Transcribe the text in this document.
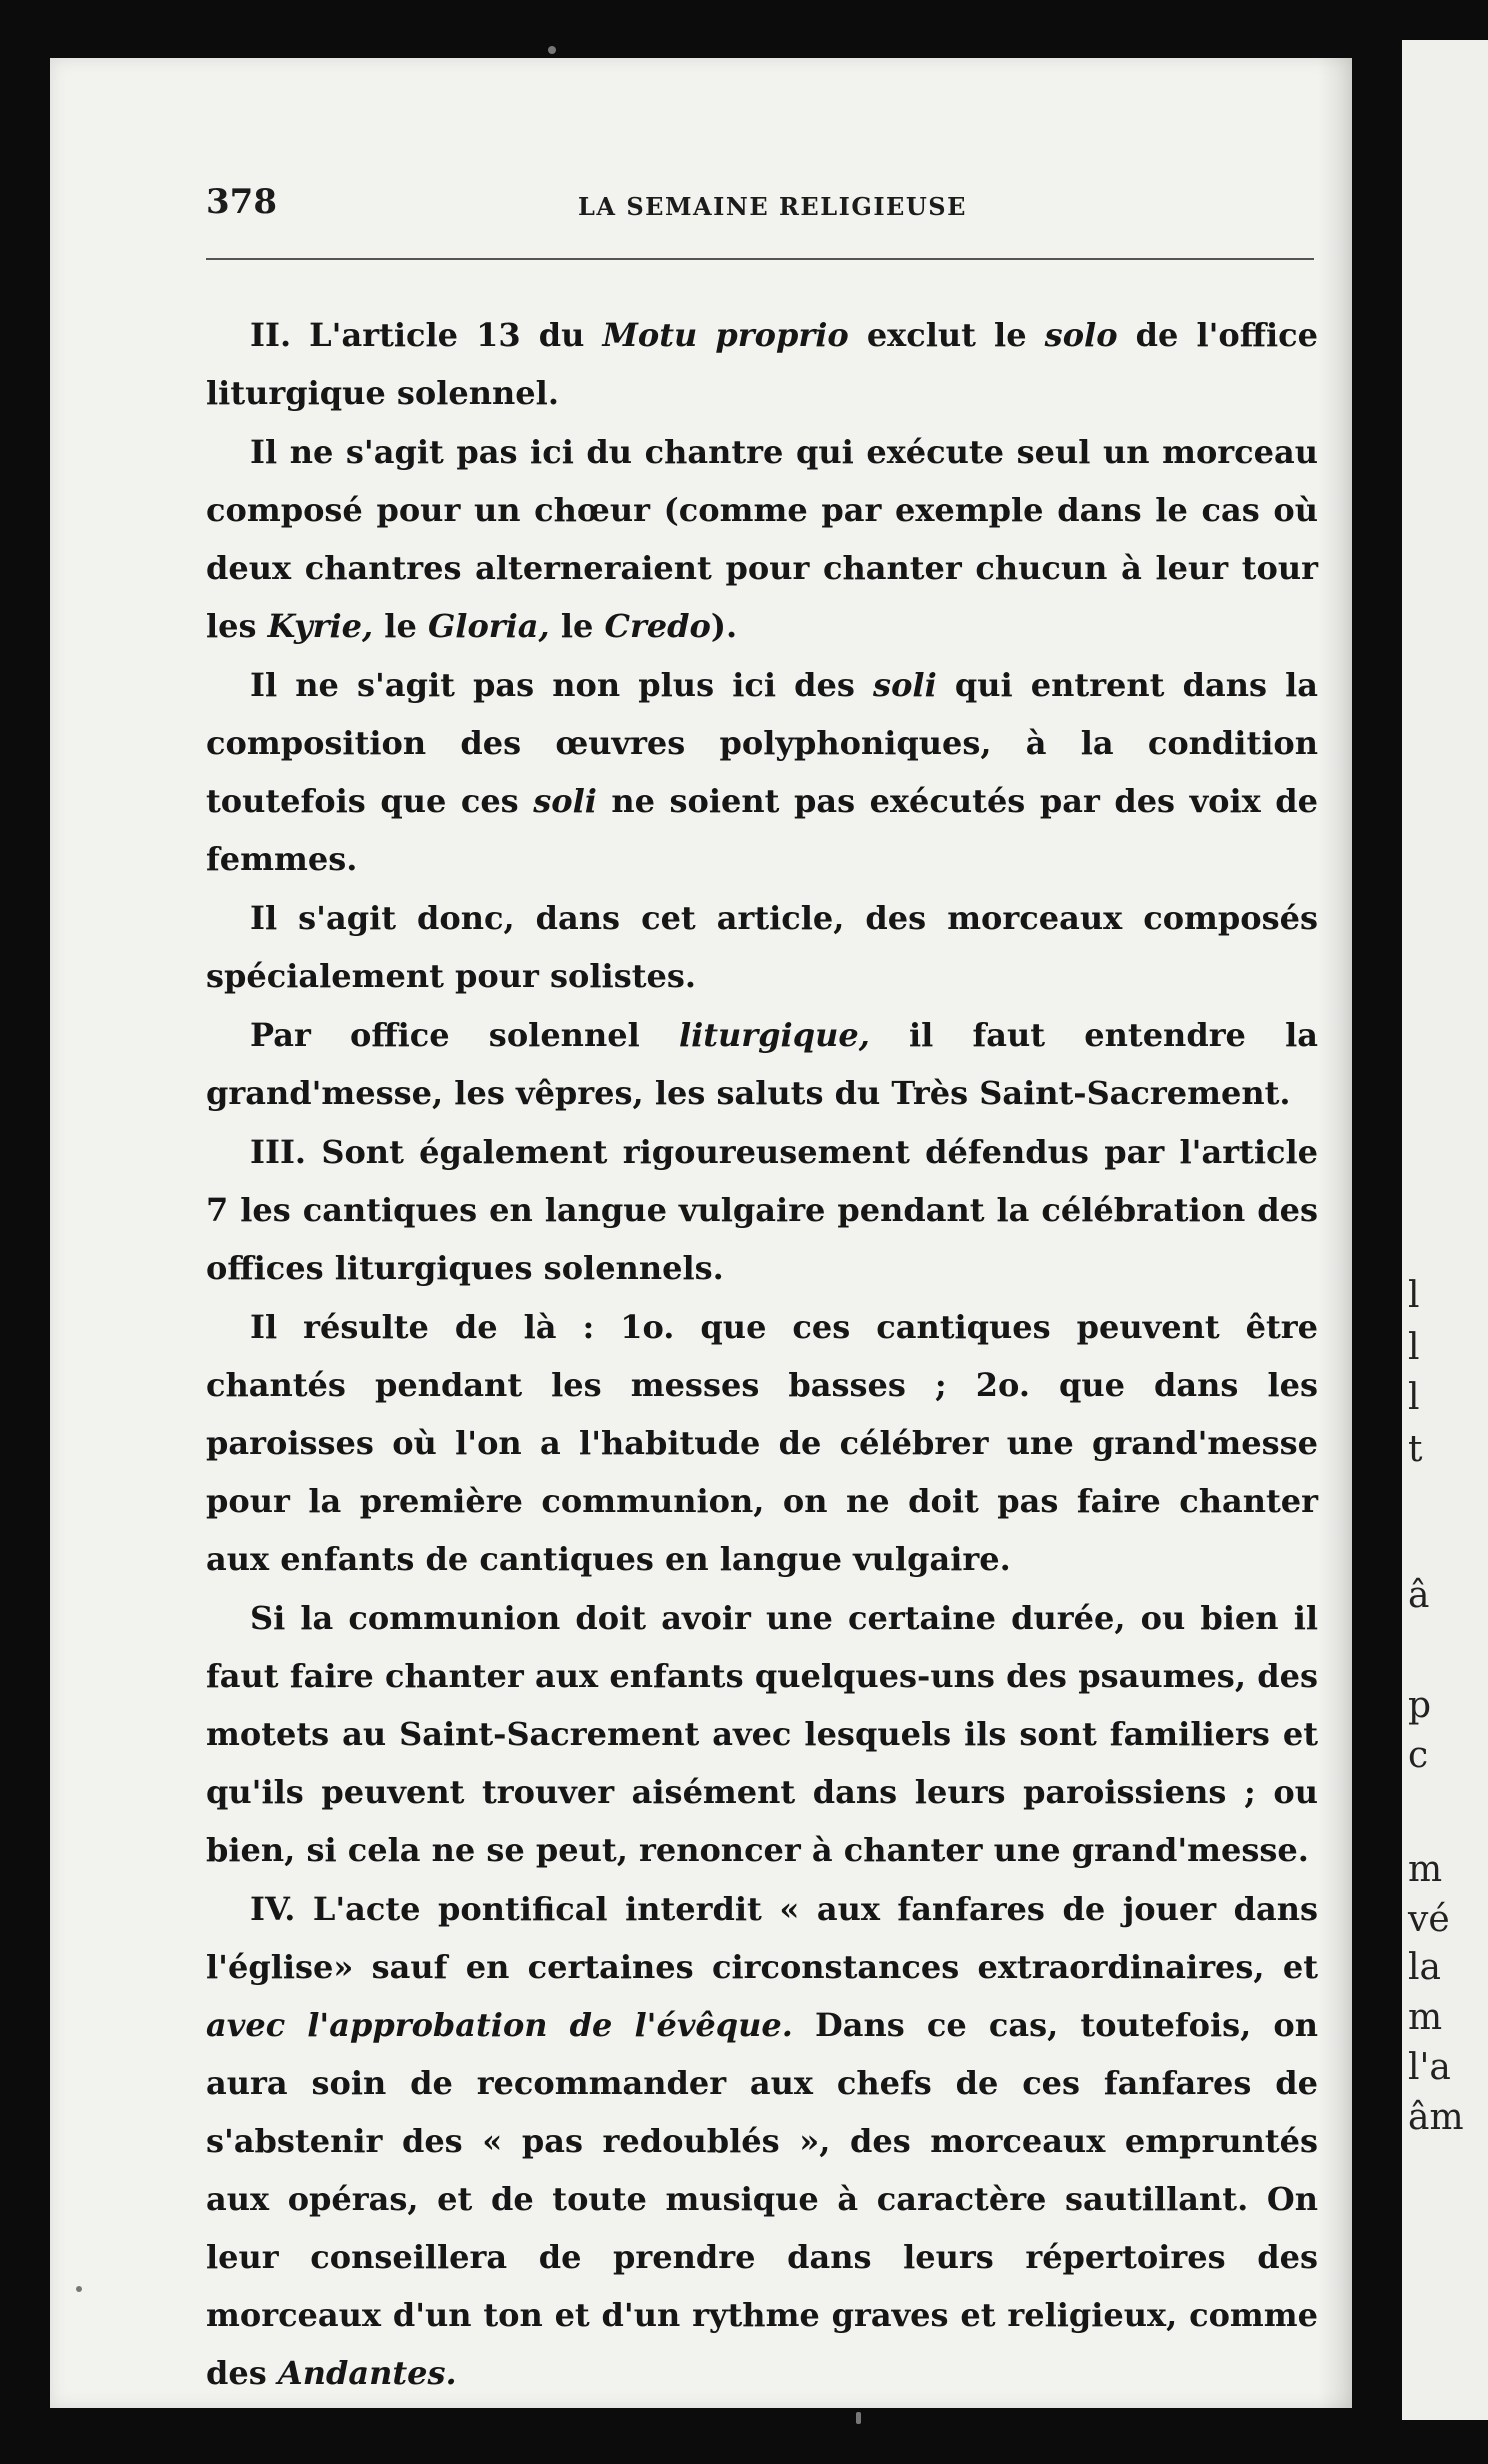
l
l
l
t
â
p
c
m
vé
la
m
l'a
âm
378	LA SEMAINE RELIGIEUSE

II. L'article 13 du Motu proprio exclut le solo de l'office liturgique solennel.

Il ne s'agit pas ici du chantre qui exécute seul un morceau composé pour un chœur (comme par exemple dans le cas où deux chantres alterneraient pour chanter chucun à leur tour les Kyrie, le Gloria, le Credo).

Il ne s'agit pas non plus ici des soli qui entrent dans la composition des œuvres polyphoniques, à la condition toutefois que ces soli ne soient pas exécutés par des voix de femmes.

Il s'agit donc, dans cet article, des morceaux composés spécialement pour solistes.

Par office solennel liturgique, il faut entendre la grand'messe, les vêpres, les saluts du Très Saint-Sacrement.

III. Sont également rigoureusement défendus par l'article 7 les cantiques en langue vulgaire pendant la célébration des offices liturgiques solennels.

Il résulte de là : 1o. que ces cantiques peuvent être chantés pendant les messes basses ; 2o. que dans les paroisses où l'on a l'habitude de célébrer une grand'messe pour la première communion, on ne doit pas faire chanter aux enfants de cantiques en langue vulgaire.

Si la communion doit avoir une certaine durée, ou bien il faut faire chanter aux enfants quelques-uns des psaumes, des motets au Saint-Sacrement avec lesquels ils sont familiers et qu'ils peuvent trouver aisément dans leurs paroissiens ; ou bien, si cela ne se peut, renoncer à chanter une grand'messe.

IV. L'acte pontifical interdit « aux fanfares de jouer dans l'église» sauf en certaines circonstances extraordinaires, et avec l'approbation de l'évêque. Dans ce cas, toutefois, on aura soin de recommander aux chefs de ces fanfares de s'abstenir des « pas redoublés », des morceaux empruntés aux opéras, et de toute musique à caractère sautillant. On leur conseillera de prendre dans leurs répertoires des morceaux d'un ton et d'un rythme graves et religieux, comme des Andantes.
